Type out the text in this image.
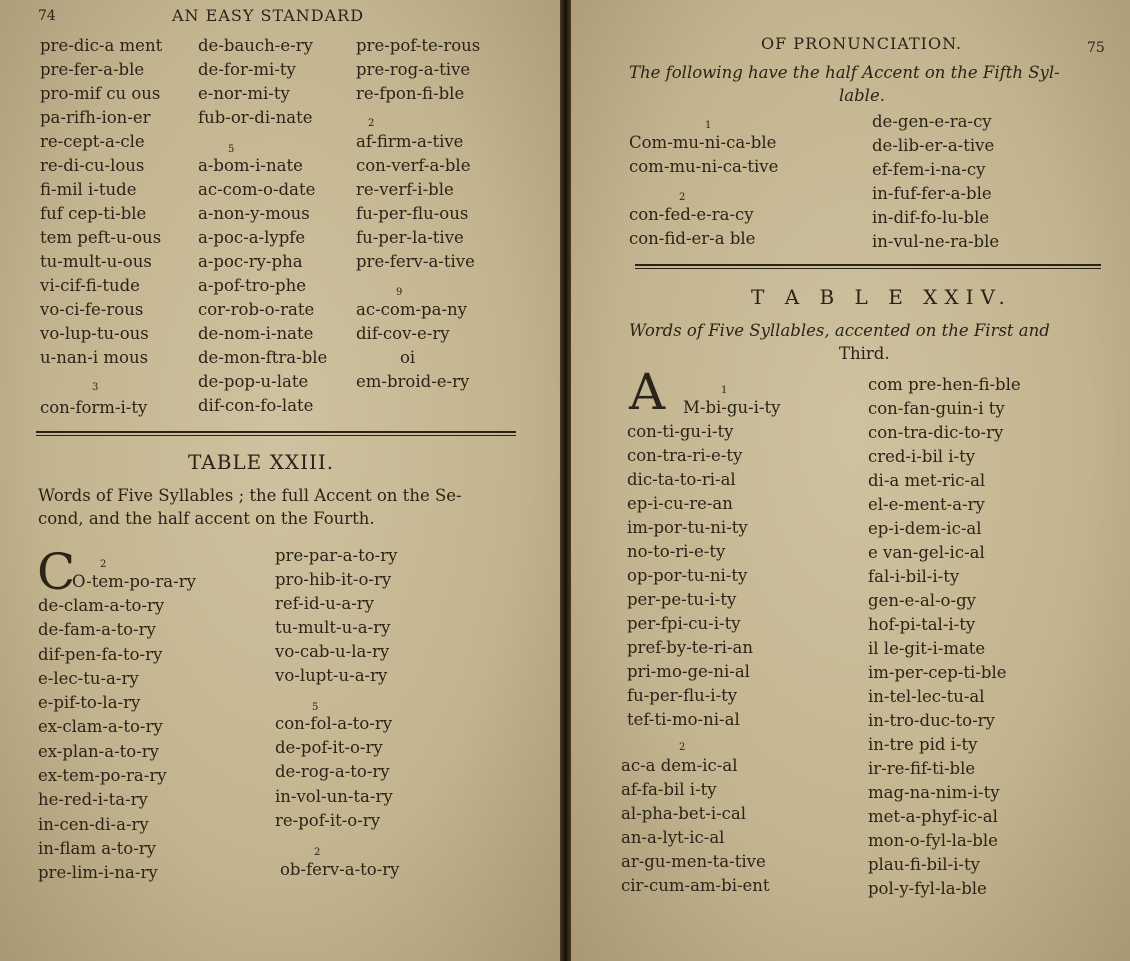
74	AN EASY STANDARD
pre-dic-a ment
pre-fer-a-ble
pro-mif cu ous
pa-rifh-ion-er
re-cept-a-cle
re-di-cu-lous
fi-mil i-tude
fuf cep-ti-ble
tem peft-u-ous
tu-mult-u-ous
vi-cif-fi-tude
vo-ci-fe-rous
vo-lup-tu-ous
u-nan-i mous
3
con-form-i-ty
de-bauch-e-ry
de-for-mi-ty
e-nor-mi-ty
fub-or-di-nate
5
a-bom-i-nate
ac-com-o-date
a-non-y-mous
a-poc-a-lypfe
a-poc-ry-pha
a-pof-tro-phe
cor-rob-o-rate
de-nom-i-nate
de-mon-ftra-ble
de-pop-u-late
dif-con-fo-late
pre-pof-te-rous
pre-rog-a-tive
re-fpon-fi-ble
2
af-firm-a-tive
con-verf-a-ble
re-verf-i-ble
fu-per-flu-ous
fu-per-la-tive
pre-ferv-a-tive
9
ac-com-pa-ny
dif-cov-e-ry
oi
em-broid-e-ry
TABLE XXIII.
Words of Five Syllables ; the full Accent on the Se-
cond, and the half accent on the Fourth.
C 2
O-tem-po-ra-ry
de-clam-a-to-ry
de-fam-a-to-ry
dif-pen-fa-to-ry
e-lec-tu-a-ry
e-pif-to-la-ry
ex-clam-a-to-ry
ex-plan-a-to-ry
ex-tem-po-ra-ry
he-red-i-ta-ry
in-cen-di-a-ry
in-flam a-to-ry
pre-lim-i-na-ry
pre-par-a-to-ry
pro-hib-it-o-ry
ref-id-u-a-ry
tu-mult-u-a-ry
vo-cab-u-la-ry
vo-lupt-u-a-ry
5
con-fol-a-to-ry
de-pof-it-o-ry
de-rog-a-to-ry
in-vol-un-ta-ry
re-pof-it-o-ry
2
ob-ferv-a-to-ry
OF PRONUNCIATION.	75
The following have the half Accent on the Fifth Syl-
lable.
1
Com-mu-ni-ca-ble
com-mu-ni-ca-tive
2
con-fed-e-ra-cy
con-fid-er-a ble
de-gen-e-ra-cy
de-lib-er-a-tive
ef-fem-i-na-cy
in-fuf-fer-a-ble
in-dif-fo-lu-ble
in-vul-ne-ra-ble
T A B L E XXIV.
Words of Five Syllables, accented on the First and
Third.
A	1
M-bi-gu-i-ty
con-ti-gu-i-ty
con-tra-ri-e-ty
dic-ta-to-ri-al
ep-i-cu-re-an
im-por-tu-ni-ty
no-to-ri-e-ty
op-por-tu-ni-ty
per-pe-tu-i-ty
per-fpi-cu-i-ty
pref-by-te-ri-an
pri-mo-ge-ni-al
fu-per-flu-i-ty
tef-ti-mo-ni-al
2
ac-a dem-ic-al
af-fa-bil i-ty
al-pha-bet-i-cal
an-a-lyt-ic-al
ar-gu-men-ta-tive
cir-cum-am-bi-ent
com pre-hen-fi-ble
con-fan-guin-i ty
con-tra-dic-to-ry
cred-i-bil i-ty
di-a met-ric-al
el-e-ment-a-ry
ep-i-dem-ic-al
e van-gel-ic-al
fal-i-bil-i-ty
gen-e-al-o-gy
hof-pi-tal-i-ty
il le-git-i-mate
im-per-cep-ti-ble
in-tel-lec-tu-al
in-tro-duc-to-ry
in-tre pid i-ty
ir-re-fif-ti-ble
mag-na-nim-i-ty
met-a-phyf-ic-al
mon-o-fyl-la-ble
plau-fi-bil-i-ty
pol-y-fyl-la-ble
